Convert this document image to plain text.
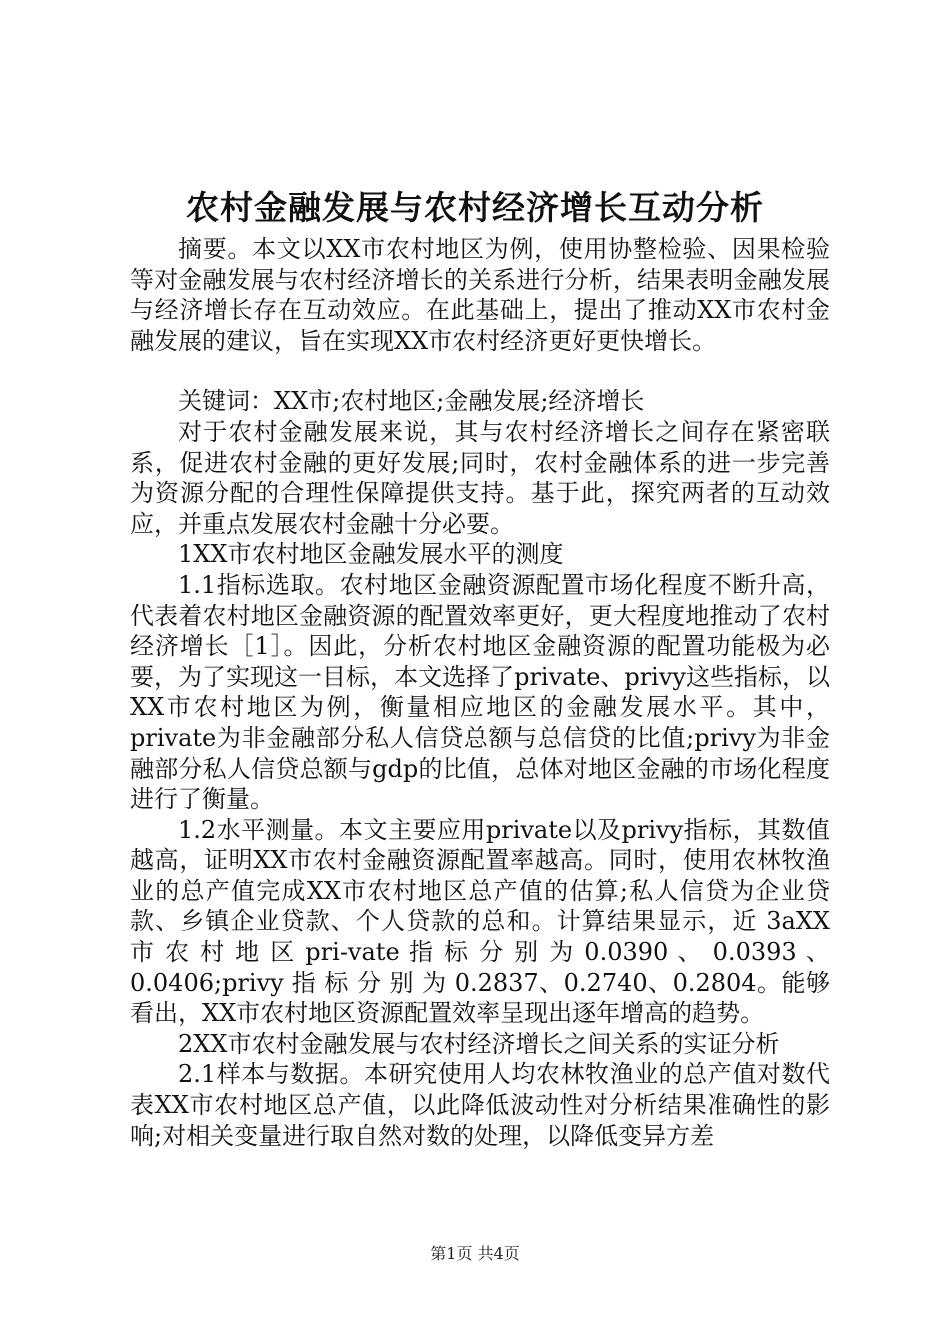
农村金融发展与农村经济增长互动分析

摘要。本文以XX市农村地区为例，使用协整检验、因果检验等对金融发展与农村经济增长的关系进行分析，结果表明金融发展与经济增长存在互动效应。在此基础上，提出了推动XX市农村金融发展的建议，旨在实现XX市农村经济更好更快增长。

关键词：XX市;农村地区;金融发展;经济增长

对于农村金融发展来说，其与农村经济增长之间存在紧密联系，促进农村金融的更好发展;同时，农村金融体系的进一步完善为资源分配的合理性保障提供支持。基于此，探究两者的互动效应，并重点发展农村金融十分必要。

1XX市农村地区金融发展水平的测度

1.1指标选取。农村地区金融资源配置市场化程度不断升高，代表着农村地区金融资源的配置效率更好，更大程度地推动了农村经济增长［1］。因此，分析农村地区金融资源的配置功能极为必要，为了实现这一目标，本文选择了private、privy这些指标，以XX市农村地区为例，衡量相应地区的金融发展水平。其中，private为非金融部分私人信贷总额与总信贷的比值;privy为非金融部分私人信贷总额与gdp的比值，总体对地区金融的市场化程度进行了衡量。

1.2水平测量。本文主要应用private以及privy指标，其数值越高，证明XX市农村金融资源配置率越高。同时，使用农林牧渔业的总产值完成XX市农村地区总产值的估算;私人信贷为企业贷款、乡镇企业贷款、个人贷款的总和。计算结果显示，近 3aXX 市 农 村 地 区 pri-vate 指 标 分 别 为 0.0390 、 0.0393 、 0.0406;privy 指 标 分 别 为 0.2837、0.2740、0.2804。能够看出，XX市农村地区资源配置效率呈现出逐年增高的趋势。

2XX市农村金融发展与农村经济增长之间关系的实证分析

2.1样本与数据。本研究使用人均农林牧渔业的总产值对数代表XX市农村地区总产值，以此降低波动性对分析结果准确性的影响;对相关变量进行取自然对数的处理，以降低变异方差

第1页 共4页
